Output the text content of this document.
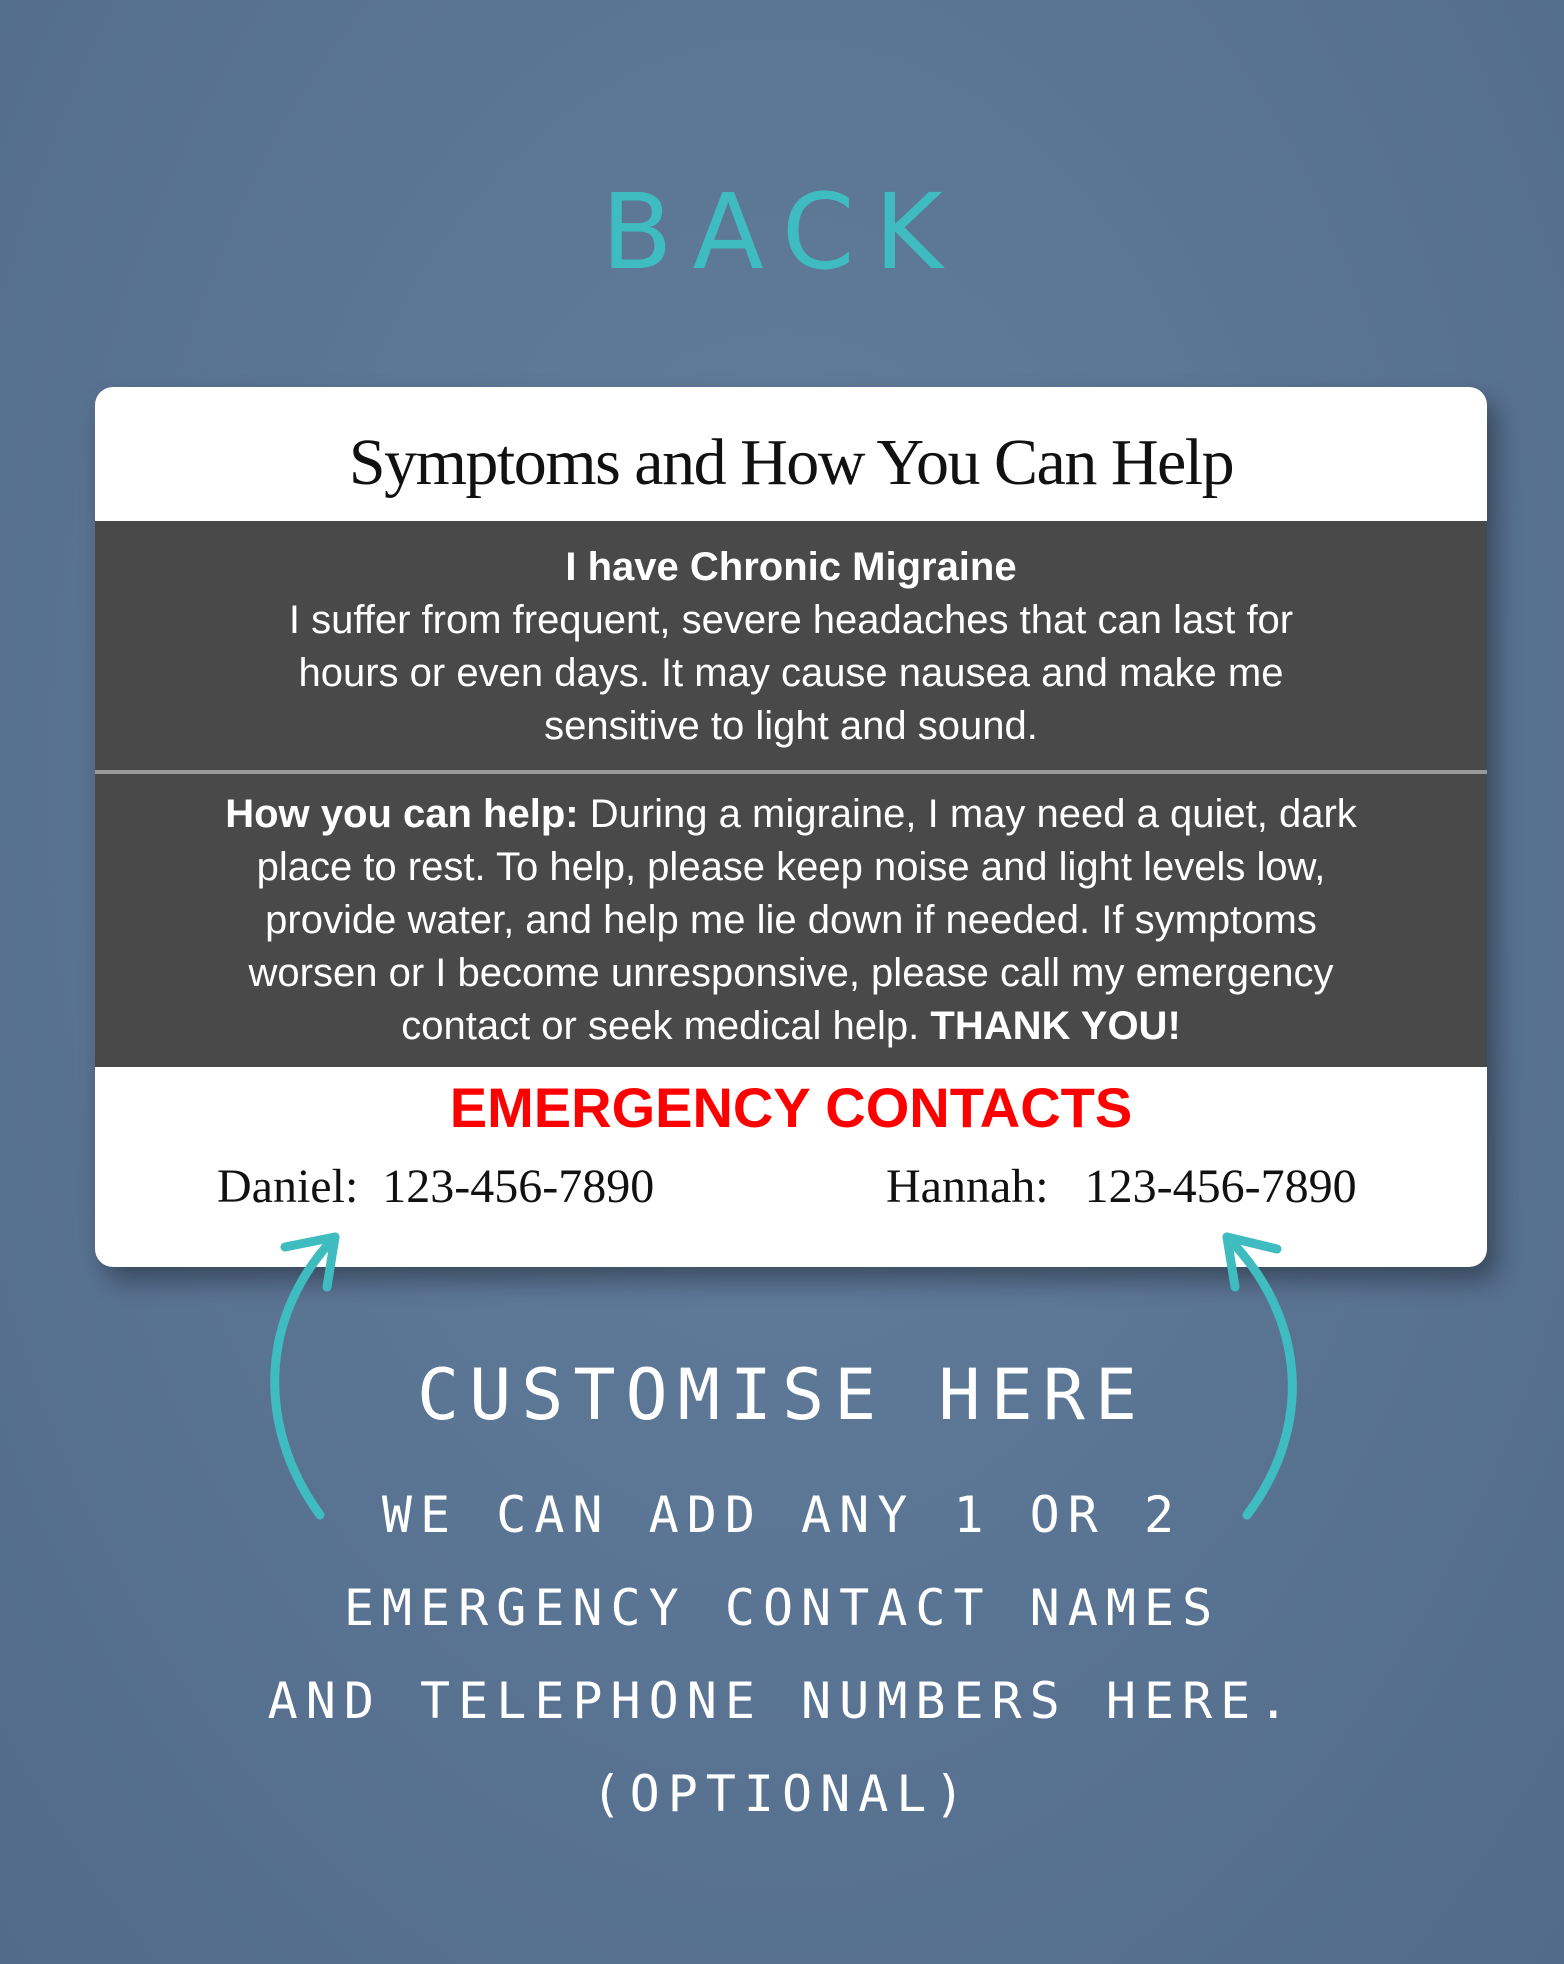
BACK
Symptoms and How You Can Help
I have Chronic Migraine
I suffer from frequent, severe headaches that can last for
hours or even days. It may cause nausea and make me
sensitive to light and sound.
How you can help: During a migraine, I may need a quiet, dark
place to rest. To help, please keep noise and light levels low,
provide water, and help me lie down if needed. If symptoms
worsen or I become unresponsive, please call my emergency
contact or seek medical help. THANK YOU!
EMERGENCY CONTACTS
Daniel: 123-456-7890	Hannah: 123-456-7890
CUSTOMISE HERE
WE CAN ADD ANY 1 OR 2
EMERGENCY CONTACT NAMES
AND TELEPHONE NUMBERS HERE.
(OPTIONAL)
